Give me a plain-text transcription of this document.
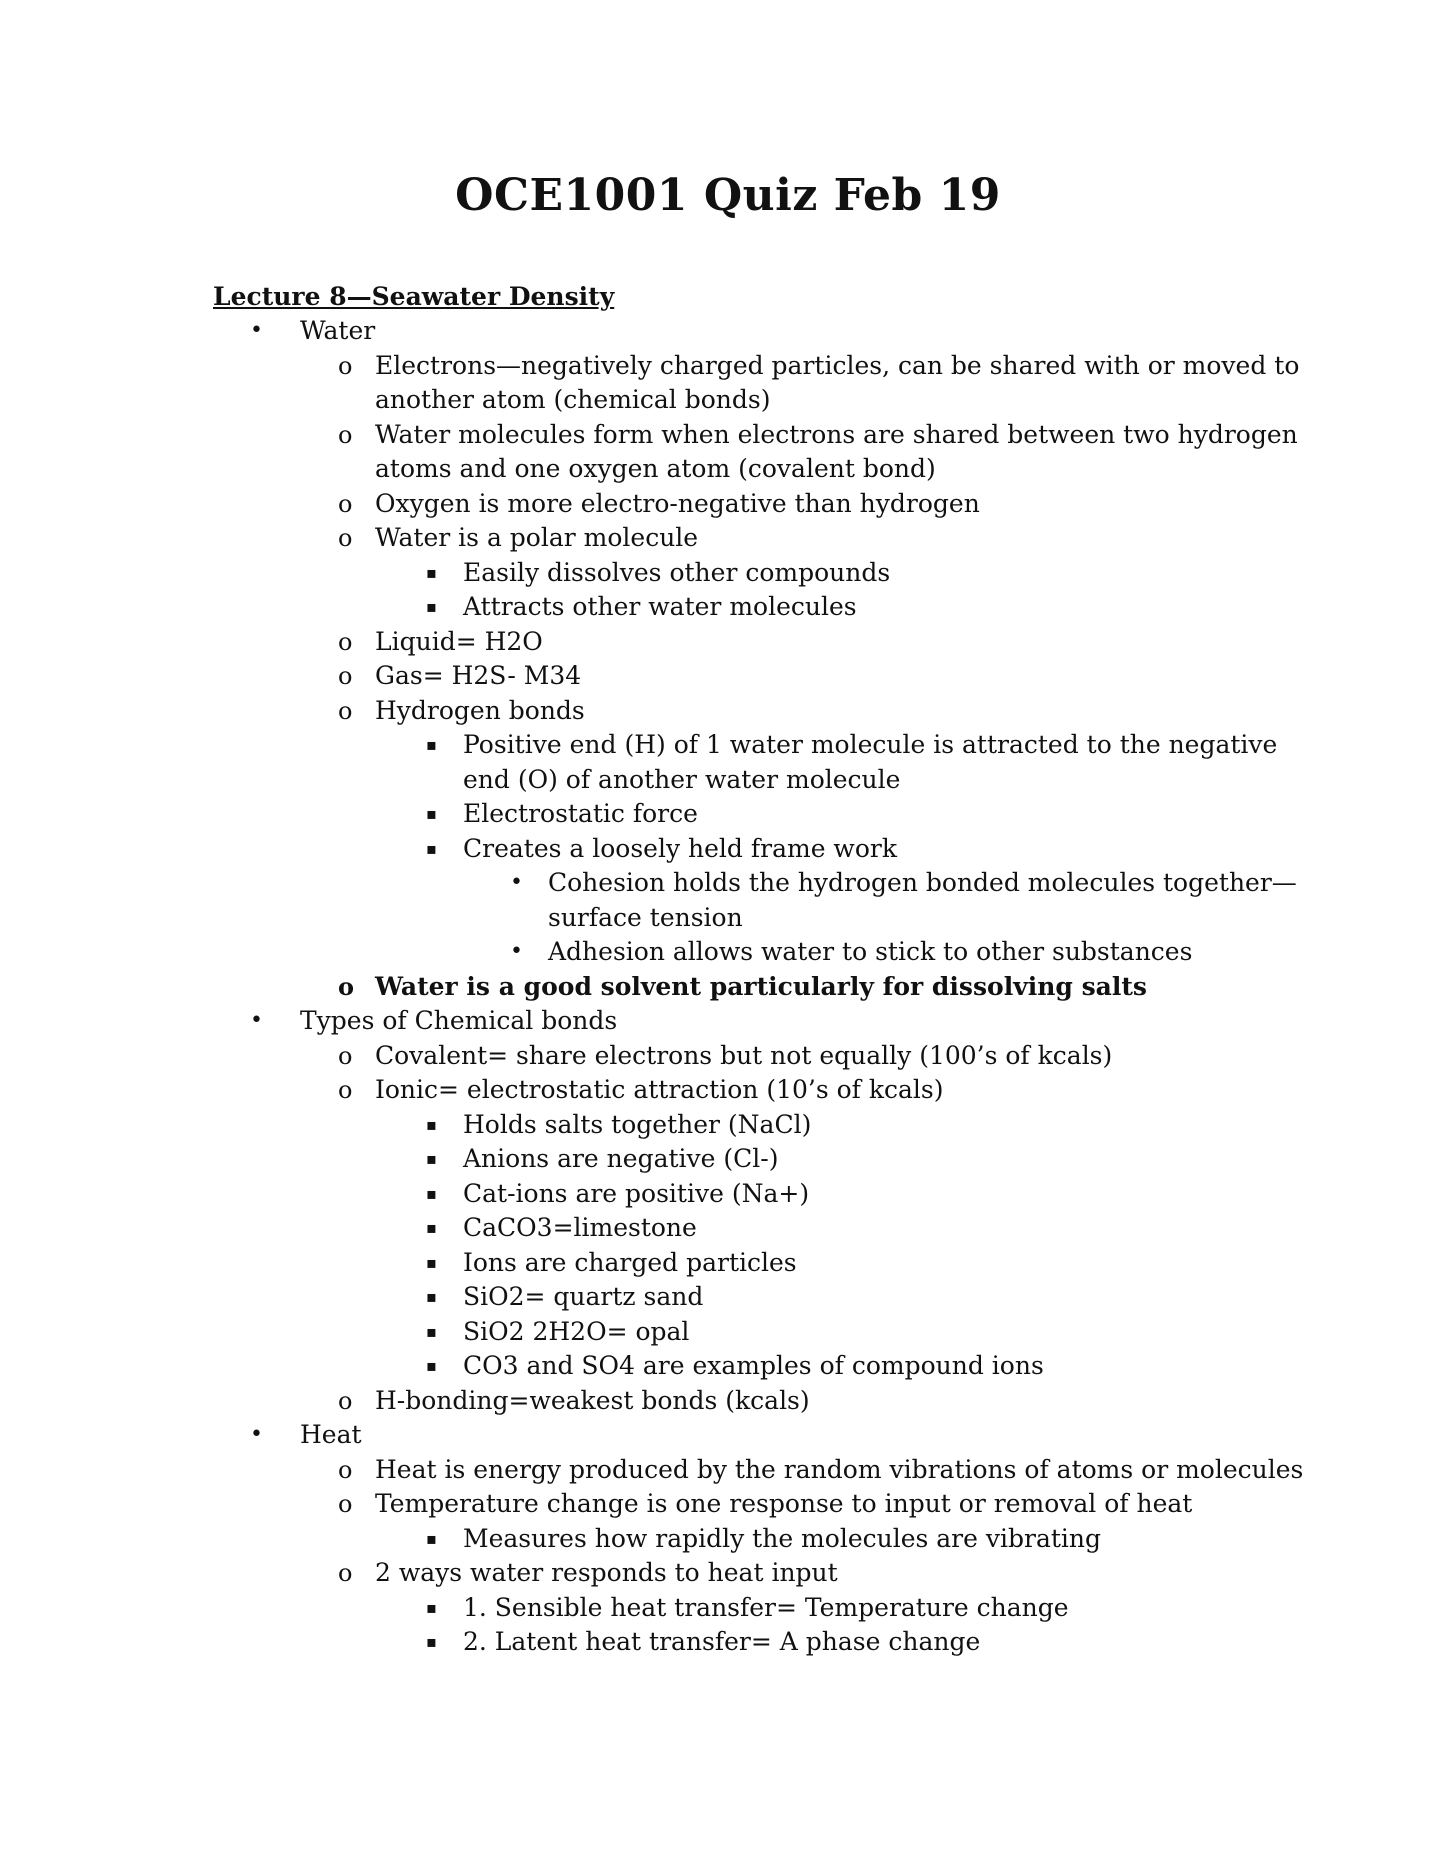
OCE1001 Quiz Feb 19
Lecture 8—Seawater Density
•	Water
o Electrons—negatively charged particles, can be shared with or moved to another atom (chemical bonds)
o Water molecules form when electrons are shared between two hydrogen atoms and one oxygen atom (covalent bond)
o Oxygen is more electro-negative than hydrogen
o Water is a polar molecule
▪	Easily dissolves other compounds
▪	Attracts other water molecules
o Liquid= H2O
o Gas= H2S- M34
o Hydrogen bonds
▪	Positive end (H) of 1 water molecule is attracted to the negative end (O) of another water molecule
▪	Electrostatic force
▪	Creates a loosely held frame work
•	Cohesion holds the hydrogen bonded molecules together—surface tension
•	Adhesion allows water to stick to other substances
o Water is a good solvent particularly for dissolving salts
•	Types of Chemical bonds
o Covalent= share electrons but not equally (100’s of kcals)
o Ionic= electrostatic attraction (10’s of kcals)
▪	Holds salts together (NaCl)
▪	Anions are negative (Cl-)
▪	Cat-ions are positive (Na+)
▪	CaCO3=limestone
▪	Ions are charged particles
▪	SiO2= quartz sand
▪	SiO2 2H2O= opal
▪	CO3 and SO4 are examples of compound ions
o H-bonding=weakest bonds (kcals)
•	Heat
o Heat is energy produced by the random vibrations of atoms or molecules
o Temperature change is one response to input or removal of heat
▪	Measures how rapidly the molecules are vibrating
o 2 ways water responds to heat input
▪	1. Sensible heat transfer= Temperature change
▪	2. Latent heat transfer= A phase change
